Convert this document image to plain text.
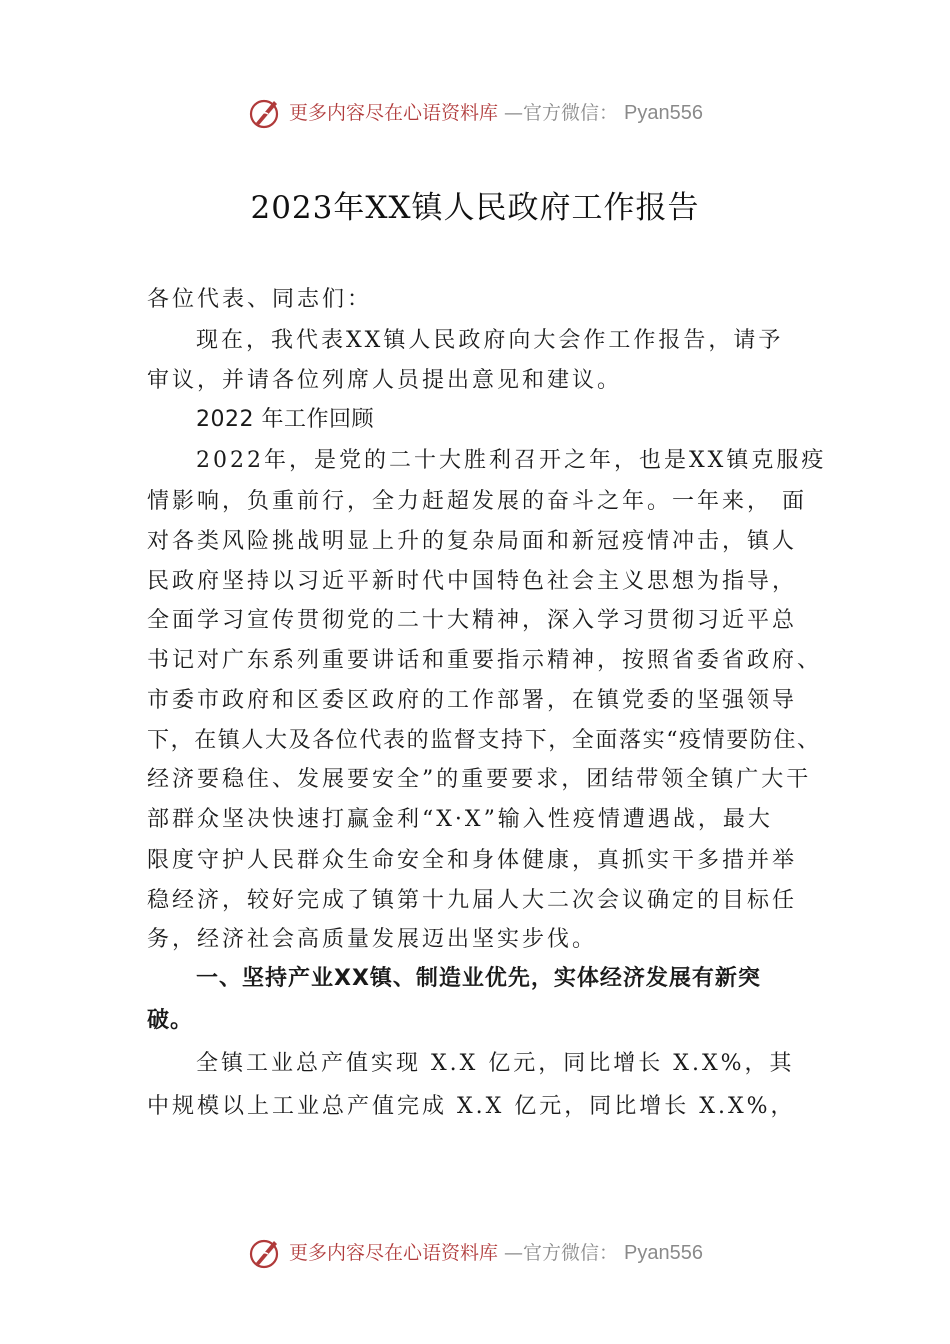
更多内容尽在心语资料库 —官方微信： Pyan556
2023年XX镇人民政府工作报告
各位代表、同志们：
现在，我代表XX镇人民政府向大会作工作报告，请予
审议，并请各位列席人员提出意见和建议。
2022 年工作回顾
2022年，是党的二十大胜利召开之年，也是XX镇克服疫
情影响，负重前行，全力赶超发展的奋斗之年。一年来， 面
对各类风险挑战明显上升的复杂局面和新冠疫情冲击，镇人
民政府坚持以习近平新时代中国特色社会主义思想为指导，
全面学习宣传贯彻党的二十大精神，深入学习贯彻习近平总
书记对广东系列重要讲话和重要指示精神，按照省委省政府、
市委市政府和区委区政府的工作部署，在镇党委的坚强领导
下，在镇人大及各位代表的监督支持下，全面落实“疫情要防住、
经济要稳住、发展要安全”的重要要求，团结带领全镇广大干
部群众坚决快速打赢金利“X·X”输入性疫情遭遇战，最大
限度守护人民群众生命安全和身体健康，真抓实干多措并举
稳经济，较好完成了镇第十九届人大二次会议确定的目标任
务，经济社会高质量发展迈出坚实步伐。
一、坚持产业XX镇、制造业优先，实体经济发展有新突
破。
全镇工业总产值实现 X.X 亿元，同比增长 X.X%，其
中规模以上工业总产值完成 X.X 亿元，同比增长 X.X%，
更多内容尽在心语资料库 —官方微信： Pyan556
